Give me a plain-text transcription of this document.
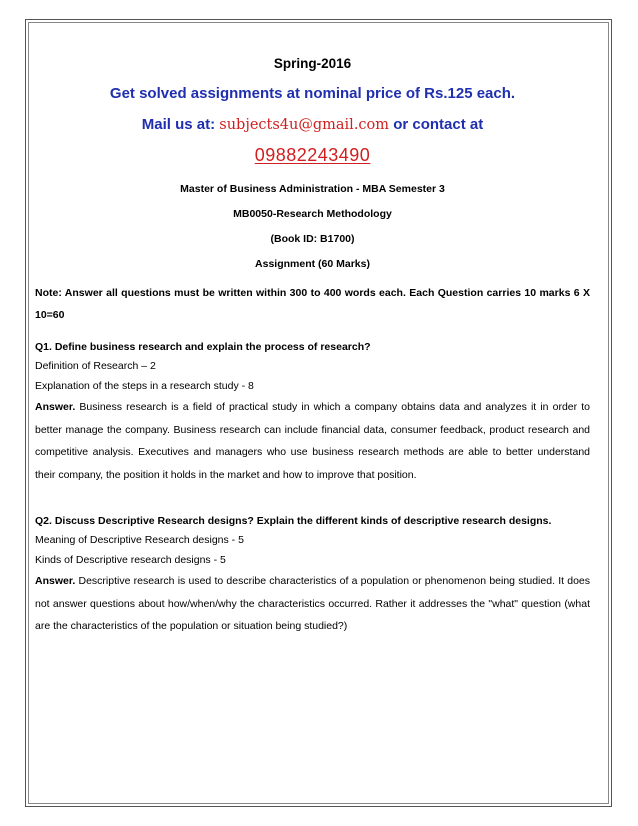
Spring-2016
Get solved assignments at nominal price of Rs.125 each.
Mail us at: subjects4u@gmail.com or contact at
09882243490
Master of Business Administration - MBA Semester 3
MB0050-Research Methodology
(Book ID: B1700)
Assignment (60 Marks)
Note: Answer all questions must be written within 300 to 400 words each. Each Question carries 10 marks 6 X 10=60
Q1. Define business research and explain the process of research?
Definition of Research – 2
Explanation of the steps in a research study - 8
Answer. Business research is a field of practical study in which a company obtains data and analyzes it in order to better manage the company. Business research can include financial data, consumer feedback, product research and competitive analysis. Executives and managers who use business research methods are able to better understand their company, the position it holds in the market and how to improve that position.
Q2. Discuss Descriptive Research designs? Explain the different kinds of descriptive research designs.
Meaning of Descriptive Research designs - 5
Kinds of Descriptive research designs - 5
Answer. Descriptive research is used to describe characteristics of a population or phenomenon being studied. It does not answer questions about how/when/why the characteristics occurred. Rather it addresses the "what" question (what are the characteristics of the population or situation being studied?)
